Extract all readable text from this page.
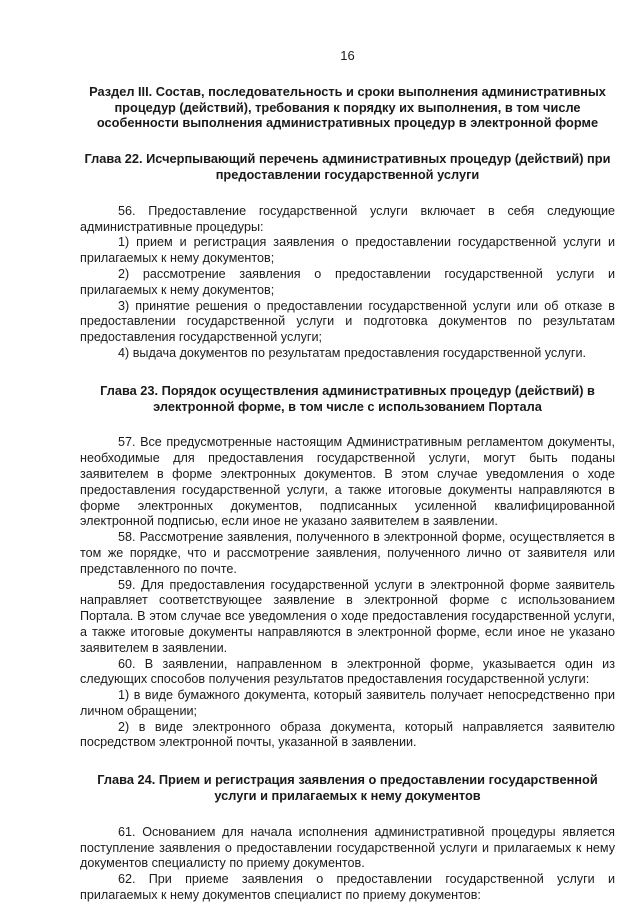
16
Раздел III. Состав, последовательность и сроки выполнения административных процедур (действий), требования к порядку их выполнения, в том числе особенности выполнения административных процедур в электронной форме
Глава 22. Исчерпывающий перечень административных процедур (действий) при предоставлении государственной услуги

56. Предоставление государственной услуги включает в себя следующие административные процедуры:

1) прием и регистрация заявления о предоставлении государственной услуги и прилагаемых к нему документов;

2) рассмотрение заявления о предоставлении государственной услуги и прилагаемых к нему документов;

3) принятие решения о предоставлении государственной услуги или об отказе в предоставлении государственной услуги и подготовка документов по результатам предоставления государственной услуги;

4) выдача документов по результатам предоставления государственной услуги.

Глава 23. Порядок осуществления административных процедур (действий) в электронной форме, в том числе с использованием Портала

57. Все предусмотренные настоящим Административным регламентом документы, необходимые для предоставления государственной услуги, могут быть поданы заявителем в форме электронных документов. В этом случае уведомления о ходе предоставления государственной услуги, а также итоговые документы направляются в форме электронных документов, подписанных усиленной квалифицированной электронной подписью, если иное не указано заявителем в заявлении.

58. Рассмотрение заявления, полученного в электронной форме, осуществляется в том же порядке, что и рассмотрение заявления, полученного лично от заявителя или представленного по почте.

59. Для предоставления государственной услуги в электронной форме заявитель направляет соответствующее заявление в электронной форме с использованием Портала. В этом случае все уведомления о ходе предоставления государственной услуги, а также итоговые документы направляются в электронной форме, если иное не указано заявителем в заявлении.

60. В заявлении, направленном в электронной форме, указывается один из следующих способов получения результатов предоставления государственной услуги:

1) в виде бумажного документа, который заявитель получает непосредственно при личном обращении;

2) в виде электронного образа документа, который направляется заявителю посредством электронной почты, указанной в заявлении.

Глава 24. Прием и регистрация заявления о предоставлении государственной услуги и прилагаемых к нему документов

61. Основанием для начала исполнения административной процедуры является поступление заявления о предоставлении государственной услуги и прилагаемых к нему документов специалисту по приему документов.

62. При приеме заявления о предоставлении государственной услуги и прилагаемых к нему документов специалист по приему документов:
